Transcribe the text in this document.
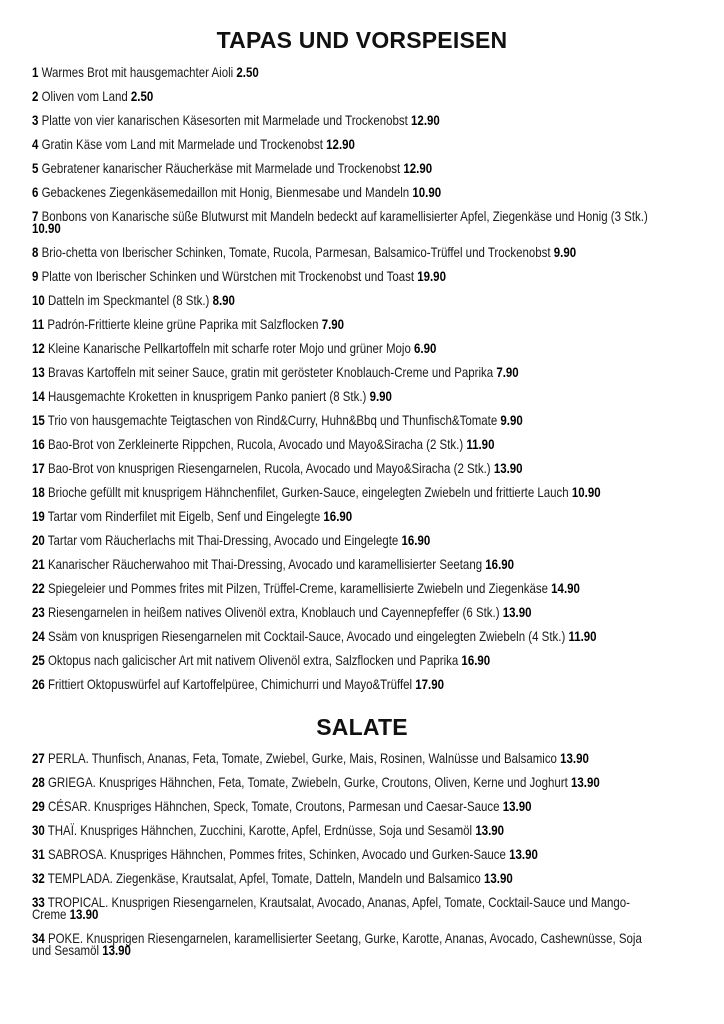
TAPAS UND VORSPEISEN
1 Warmes Brot mit hausgemachter Aioli 2.50
2 Oliven vom Land 2.50
3 Platte von vier kanarischen Käsesorten mit Marmelade und Trockenobst 12.90
4 Gratin Käse vom Land mit Marmelade und Trockenobst 12.90
5 Gebratener kanarischer Räucherkäse mit Marmelade und Trockenobst 12.90
6 Gebackenes Ziegenkäsemedaillon mit Honig, Bienmesabe und Mandeln 10.90
7 Bonbons von Kanarische süße Blutwurst mit Mandeln bedeckt auf karamellisierter Apfel, Ziegenkäse und Honig (3 Stk.) 10.90
8 Brio-chetta von Iberischer Schinken, Tomate, Rucola, Parmesan, Balsamico-Trüffel und Trockenobst 9.90
9 Platte von Iberischer Schinken und Würstchen mit Trockenobst und Toast 19.90
10 Datteln im Speckmantel (8 Stk.) 8.90
11 Padrón-Frittierte kleine grüne Paprika mit Salzflocken 7.90
12 Kleine Kanarische Pellkartoffeln mit scharfe roter Mojo und grüner Mojo 6.90
13 Bravas Kartoffeln mit seiner Sauce, gratin mit gerösteter Knoblauch-Creme und Paprika 7.90
14 Hausgemachte Kroketten in knusprigem Panko paniert (8 Stk.) 9.90
15 Trio von hausgemachte Teigtaschen von Rind&Curry, Huhn&Bbq und Thunfisch&Tomate 9.90
16 Bao-Brot von Zerkleinerte Rippchen, Rucola, Avocado und Mayo&Siracha (2 Stk.) 11.90
17 Bao-Brot von knusprigen Riesengarnelen, Rucola, Avocado und Mayo&Siracha (2 Stk.) 13.90
18 Brioche gefüllt mit knusprigem Hähnchenfilet, Gurken-Sauce, eingelegten Zwiebeln und frittierte Lauch 10.90
19 Tartar vom Rinderfilet mit Eigelb, Senf und Eingelegte 16.90
20 Tartar vom Räucherlachs mit Thai-Dressing, Avocado und Eingelegte 16.90
21 Kanarischer Räucherwahoo mit Thai-Dressing, Avocado und karamellisierter Seetang 16.90
22 Spiegeleier und Pommes frites mit Pilzen, Trüffel-Creme, karamellisierte Zwiebeln und Ziegenkäse 14.90
23 Riesengarnelen in heißem natives Olivenöl extra, Knoblauch und Cayennepfeffer (6 Stk.) 13.90
24 Ssäm von knusprigen Riesengarnelen mit Cocktail-Sauce, Avocado und eingelegten Zwiebeln (4 Stk.) 11.90
25 Oktopus nach galicischer Art mit nativem Olivenöl extra, Salzflocken und Paprika 16.90
26 Frittiert Oktopuswürfel auf Kartoffelpüree, Chimichurri und Mayo&Trüffel 17.90
SALATE
27 PERLA. Thunfisch, Ananas, Feta, Tomate, Zwiebel, Gurke, Mais, Rosinen, Walnüsse und Balsamico 13.90
28 GRIEGA. Knuspriges Hähnchen, Feta, Tomate, Zwiebeln, Gurke, Croutons, Oliven, Kerne und Joghurt 13.90
29 CÉSAR. Knuspriges Hähnchen, Speck, Tomate, Croutons, Parmesan und Caesar-Sauce 13.90
30 THAÏ. Knuspriges Hähnchen, Zucchini, Karotte, Apfel, Erdnüsse, Soja und Sesamöl 13.90
31 SABROSA. Knuspriges Hähnchen, Pommes frites, Schinken, Avocado und Gurken-Sauce 13.90
32 TEMPLADA. Ziegenkäse, Krautsalat, Apfel, Tomate, Datteln, Mandeln und Balsamico 13.90
33 TROPICAL. Knusprigen Riesengarnelen, Krautsalat, Avocado, Ananas, Apfel, Tomate, Cocktail-Sauce und Mango-Creme 13.90
34 POKE. Knusprigen Riesengarnelen, karamellisierter Seetang, Gurke, Karotte, Ananas, Avocado, Cashewnüsse, Soja und Sesamöl 13.90
